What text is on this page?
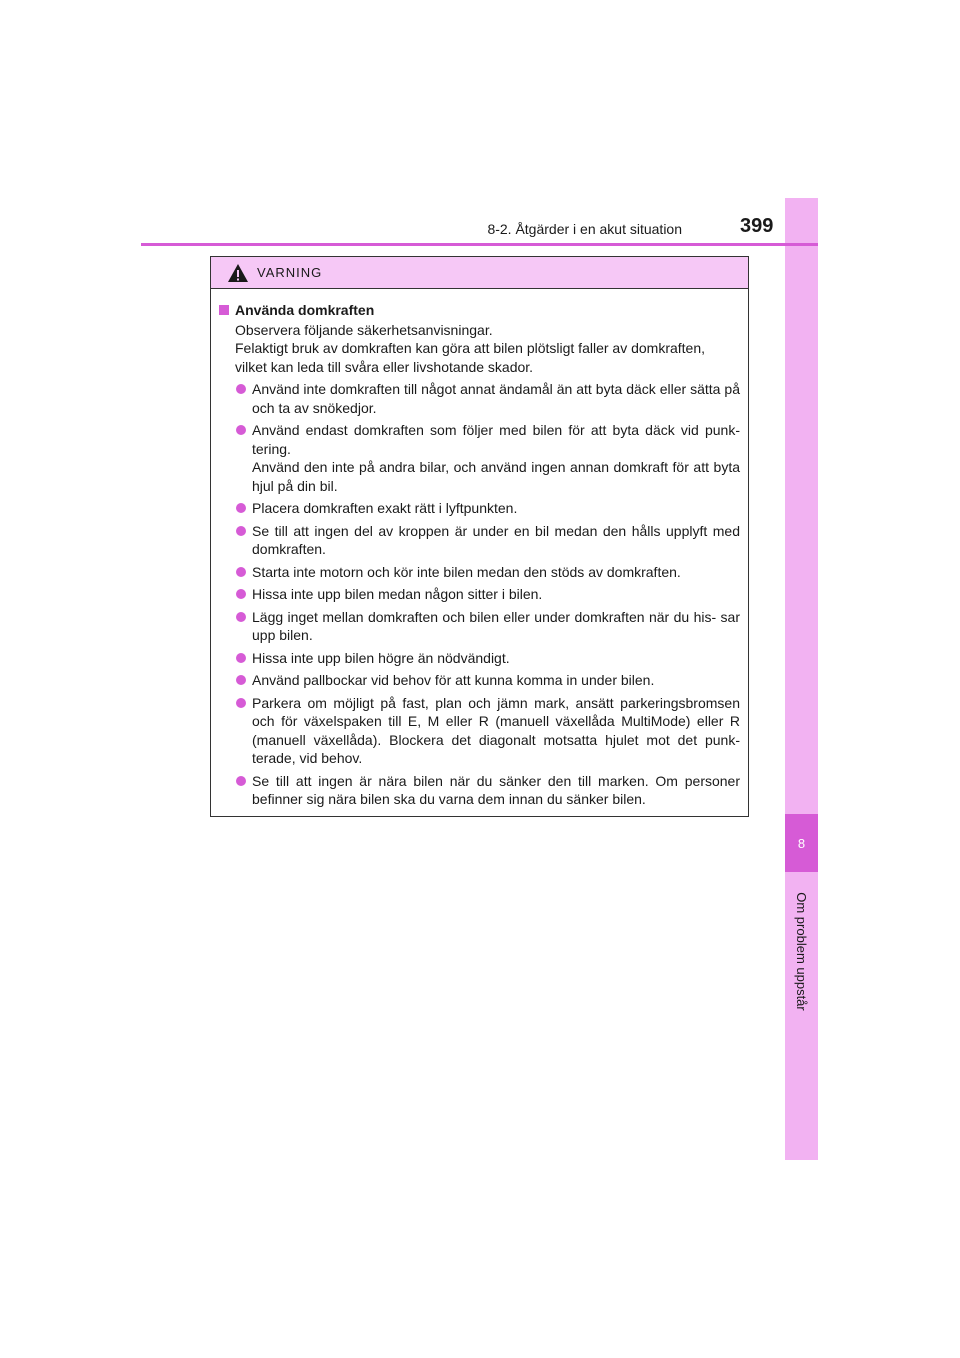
8
Om problem uppstår
8-2. Åtgärder i en akut situation	399
VARNING
Använda domkraften
Observera följande säkerhetsanvisningar.
Felaktigt bruk av domkraften kan göra att bilen plötsligt faller av domkraften, vilket kan leda till svåra eller livshotande skador.
Använd inte domkraften till något annat ändamål än att byta däck eller sätta på och ta av snökedjor.
Använd endast domkraften som följer med bilen för att byta däck vid punk- tering.
Använd den inte på andra bilar, och använd ingen annan domkraft för att byta hjul på din bil.
Placera domkraften exakt rätt i lyftpunkten.
Se till att ingen del av kroppen är under en bil medan den hålls upplyft med domkraften.
Starta inte motorn och kör inte bilen medan den stöds av domkraften.
Hissa inte upp bilen medan någon sitter i bilen.
Lägg inget mellan domkraften och bilen eller under domkraften när du his- sar upp bilen.
Hissa inte upp bilen högre än nödvändigt.
Använd pallbockar vid behov för att kunna komma in under bilen.
Parkera om möjligt på fast, plan och jämn mark, ansätt parkeringsbromsen och för växelspaken till E, M eller R (manuell växellåda MultiMode) eller R (manuell växellåda). Blockera det diagonalt motsatta hjulet mot det punk- terade, vid behov.
Se till att ingen är nära bilen när du sänker den till marken. Om personer befinner sig nära bilen ska du varna dem innan du sänker bilen.
